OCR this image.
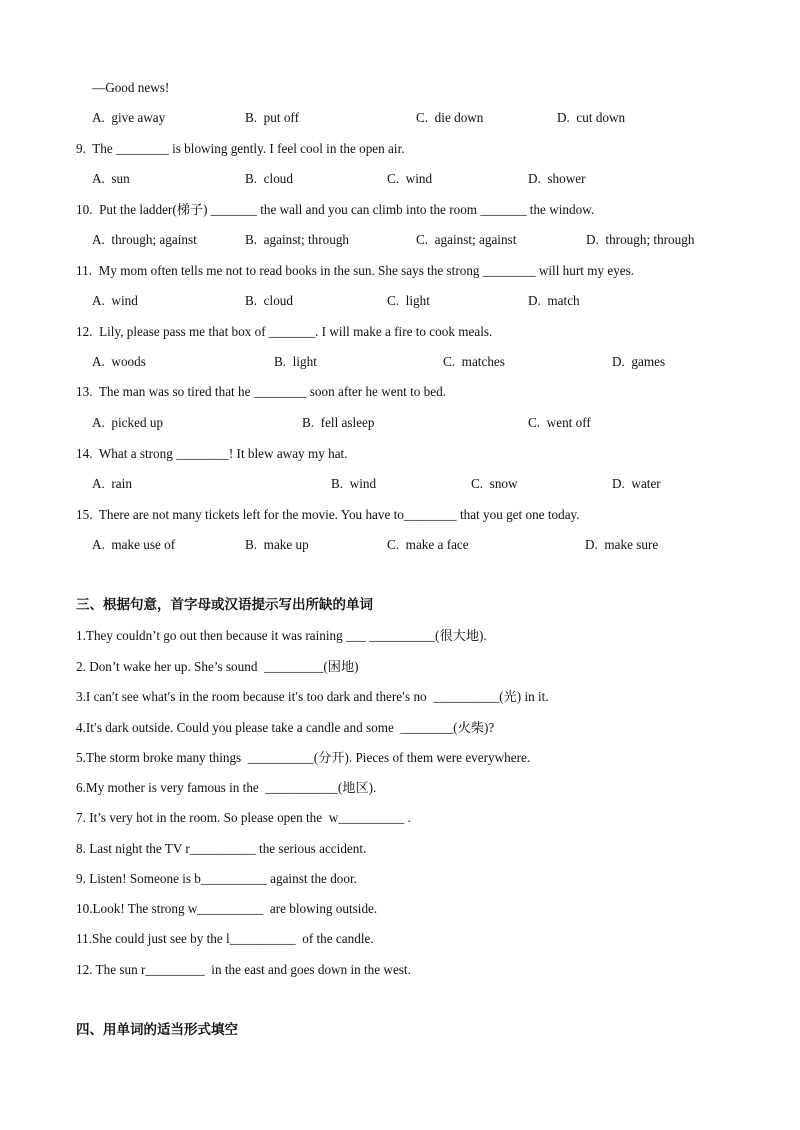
—Good news!
A.  give away	B.  put off	C.  die down	D.  cut down
9.  The ________ is blowing gently. I feel cool in the open air.
A.  sun	B.  cloud	C.  wind	D.  shower
10.  Put the ladder(梯子) _______ the wall and you can climb into the room _______ the window.
A.  through; against	B.  against; through	C.  against; against	D.  through; through
11.  My mom often tells me not to read books in the sun. She says the strong ________ will hurt my eyes.
A.  wind	B.  cloud	C.  light	D.  match
12.  Lily, please pass me that box of _______. I will make a fire to cook meals.
A.  woods	B.  light	C.  matches	D.  games
13.  The man was so tired that he ________ soon after he went to bed.
A.  picked up	B.  fell asleep	C.  went off
14.  What a strong ________! It blew away my hat.
A.  rain	B.  wind	C.  snow	D.  water
15.  There are not many tickets left for the movie. You have to________ that you get one today.
A.  make use of	B.  make up	C.  make a face	D.  make sure
三、根据句意，首字母或汉语提示写出所缺的单词
1.They couldn’t go out then because it was raining ___ __________(很大地).
2. Don’t wake her up. She’s sound  _________(困地)
3.I can′t see what′s in the room because it′s too dark and there′s no  __________(光) in it.
4.It′s dark outside. Could you please take a candle and some  ________(火柴)?
5.The storm broke many things  __________(分开). Pieces of them were everywhere.
6.My mother is very famous in the  ___________(地区).
7. It’s very hot in the room. So please open the  w__________ .
8. Last night the TV r__________ the serious accident.
9. Listen! Someone is b__________ against the door.
10.Look! The strong w__________  are blowing outside.
11.She could just see by the l__________  of the candle.
12. The sun r_________  in the east and goes down in the west.
四、用单词的适当形式填空
